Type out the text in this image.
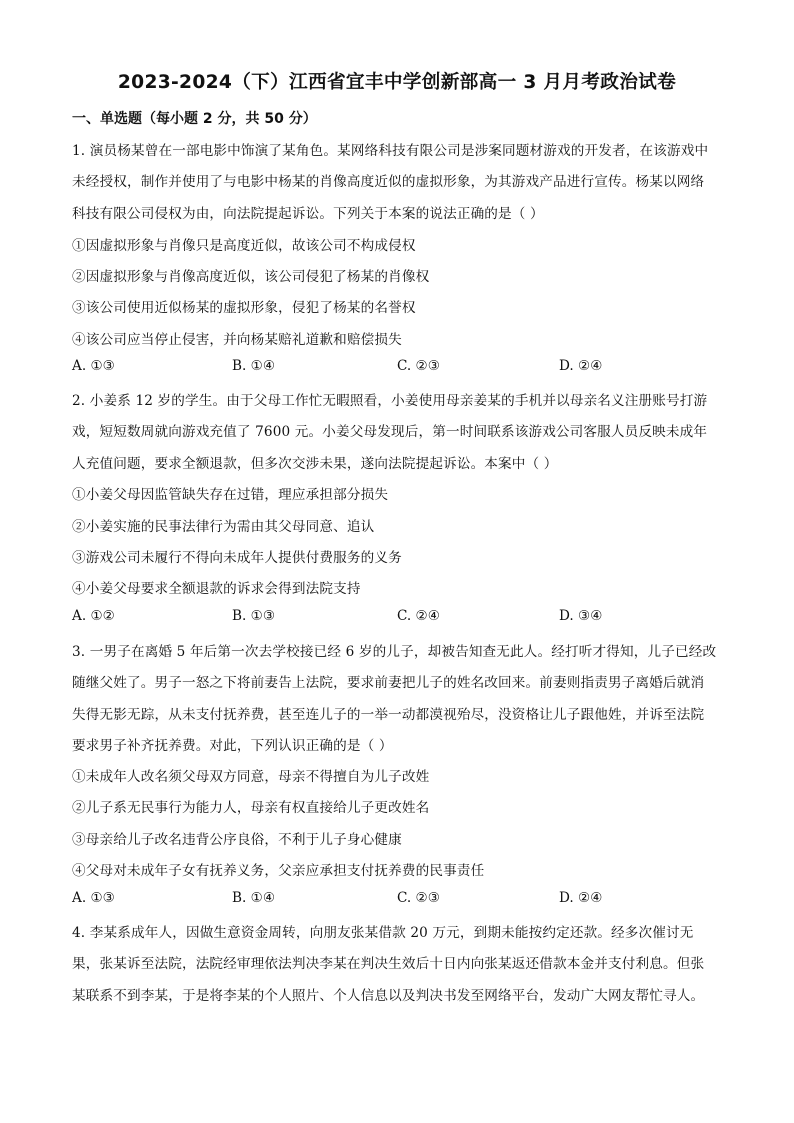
2023-2024（下）江西省宜丰中学创新部高一 3 月月考政治试卷
一、单选题（每小题 2 分，共 50 分）
1. 演员杨某曾在一部电影中饰演了某角色。某网络科技有限公司是涉案同题材游戏的开发者，在该游戏中
未经授权，制作并使用了与电影中杨某的肖像高度近似的虚拟形象，为其游戏产品进行宣传。杨某以网络
科技有限公司侵权为由，向法院提起诉讼。下列关于本案的说法正确的是（ ）
①因虚拟形象与肖像只是高度近似，故该公司不构成侵权
②因虚拟形象与肖像高度近似，该公司侵犯了杨某的肖像权
③该公司使用近似杨某的虚拟形象，侵犯了杨某的名誉权
④该公司应当停止侵害，并向杨某赔礼道歉和赔偿损失
A. ①③	B. ①④	C. ②③	D. ②④
2. 小姜系 12 岁的学生。由于父母工作忙无暇照看，小姜使用母亲姜某的手机并以母亲名义注册账号打游
戏，短短数周就向游戏充值了 7600 元。小姜父母发现后，第一时间联系该游戏公司客服人员反映未成年
人充值问题，要求全额退款，但多次交涉未果，遂向法院提起诉讼。本案中（ ）
①小姜父母因监管缺失存在过错，理应承担部分损失
②小姜实施的民事法律行为需由其父母同意、追认
③游戏公司未履行不得向未成年人提供付费服务的义务
④小姜父母要求全额退款的诉求会得到法院支持
A. ①②	B. ①③	C. ②④	D. ③④
3. 一男子在离婚 5 年后第一次去学校接已经 6 岁的儿子，却被告知查无此人。经打听才得知，儿子已经改
随继父姓了。男子一怒之下将前妻告上法院，要求前妻把儿子的姓名改回来。前妻则指责男子离婚后就消
失得无影无踪，从未支付抚养费，甚至连儿子的一举一动都漠视殆尽，没资格让儿子跟他姓，并诉至法院
要求男子补齐抚养费。对此，下列认识正确的是（ ）
①未成年人改名须父母双方同意，母亲不得擅自为儿子改姓
②儿子系无民事行为能力人，母亲有权直接给儿子更改姓名
③母亲给儿子改名违背公序良俗，不利于儿子身心健康
④父母对未成年子女有抚养义务，父亲应承担支付抚养费的民事责任
A. ①③	B. ①④	C. ②③	D. ②④
4. 李某系成年人，因做生意资金周转，向朋友张某借款 20 万元，到期未能按约定还款。经多次催讨无
果，张某诉至法院，法院经审理依法判决李某在判决生效后十日内向张某返还借款本金并支付利息。但张
某联系不到李某，于是将李某的个人照片、个人信息以及判决书发至网络平台，发动广大网友帮忙寻人。
